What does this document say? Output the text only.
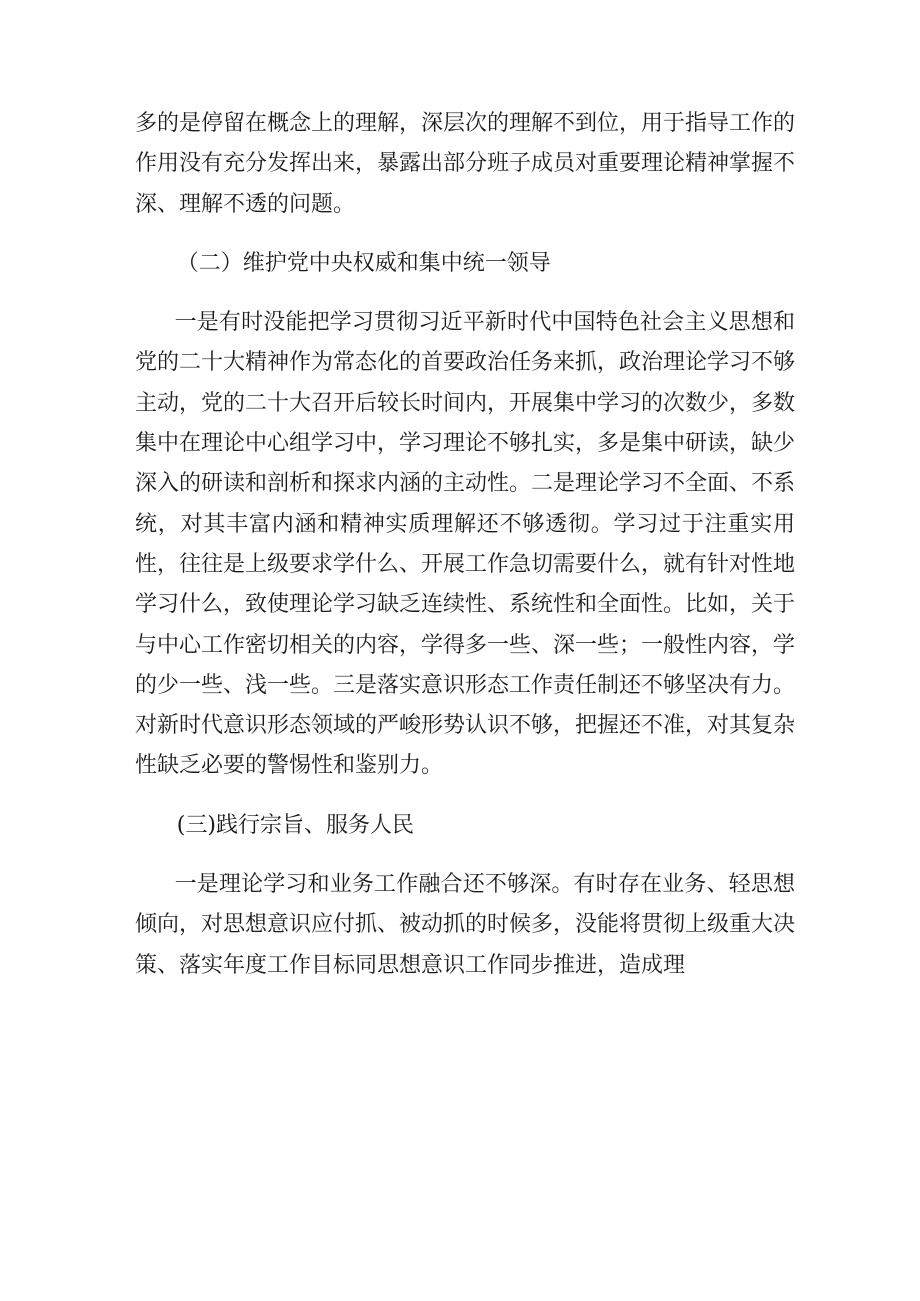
多的是停留在概念上的理解，深层次的理解不到位，用于指导工作的作用没有充分发挥出来，暴露出部分班子成员对重要理论精神掌握不深、理解不透的问题。

（二）维护党中央权威和集中统一领导

一是有时没能把学习贯彻习近平新时代中国特色社会主义思想和党的二十大精神作为常态化的首要政治任务来抓，政治理论学习不够主动，党的二十大召开后较长时间内，开展集中学习的次数少，多数集中在理论中心组学习中，学习理论不够扎实，多是集中研读，缺少深入的研读和剖析和探求内涵的主动性。二是理论学习不全面、不系统，对其丰富内涵和精神实质理解还不够透彻。学习过于注重实用性，往往是上级要求学什么、开展工作急切需要什么，就有针对性地学习什么，致使理论学习缺乏连续性、系统性和全面性。比如，关于与中心工作密切相关的内容，学得多一些、深一些；一般性内容，学的少一些、浅一些。三是落实意识形态工作责任制还不够坚决有力。对新时代意识形态领域的严峻形势认识不够，把握还不准，对其复杂性缺乏必要的警惕性和鉴别力。

(三)践行宗旨、服务人民

一是理论学习和业务工作融合还不够深。有时存在业务、轻思想倾向，对思想意识应付抓、被动抓的时候多，没能将贯彻上级重大决策、落实年度工作目标同思想意识工作同步推进，造成理
